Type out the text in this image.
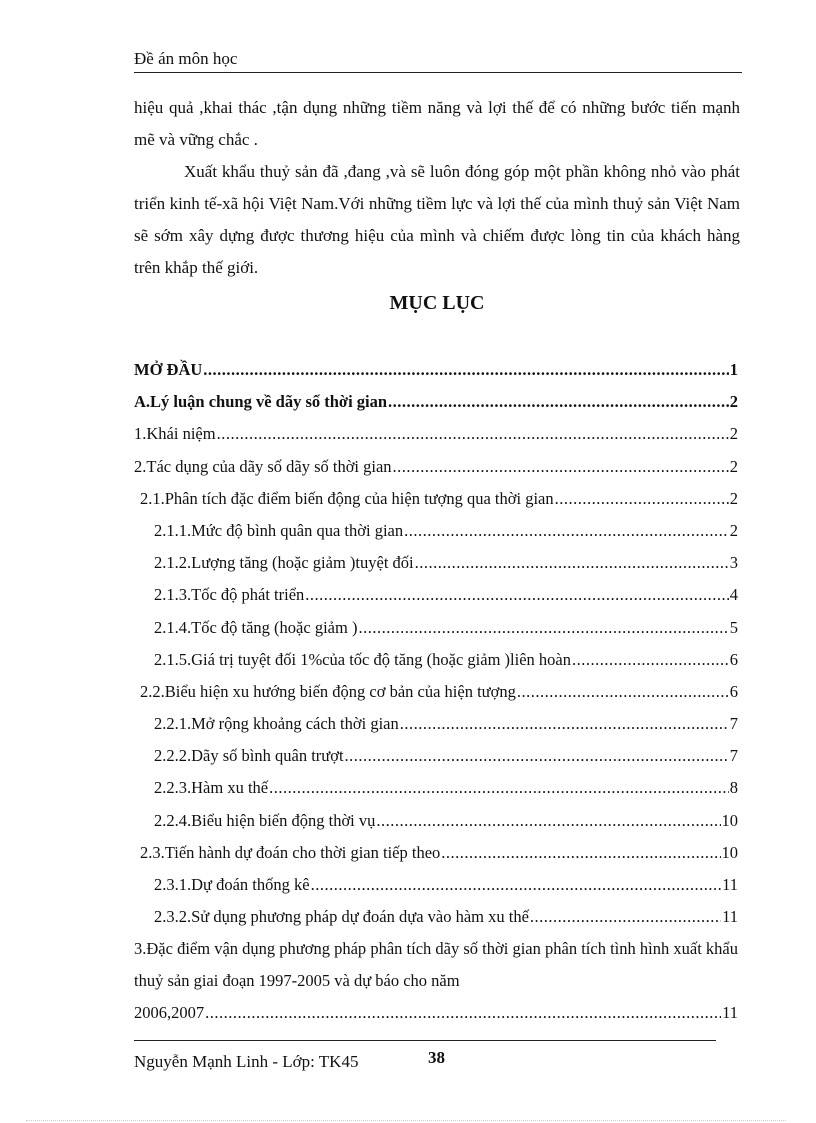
Đề án môn học
hiệu quả ,khai thác ,tận dụng những tiềm năng và lợi thế để có những bước tiến mạnh mẽ và vững chắc .
Xuất khẩu thuỷ sản đã ,đang ,và sẽ luôn đóng góp một phần không nhỏ vào phát triển kinh tế-xã hội Việt Nam.Với những tiềm lực và lợi thế của mình thuỷ sản Việt Nam sẽ sớm xây dựng được thương hiệu của mình và chiếm được lòng tin của khách hàng trên khắp thế giới.
MỤC LỤC
MỞ ĐẦU .....	1
A.Lý luận chung về dãy số thời gian .....	2
1.Khái niệm .....	2
2.Tác dụng của dãy số dãy số thời gian .....	2
2.1.Phân tích đặc điểm biến động của hiện tượng qua thời gian .....	2
2.1.1.Mức độ bình quân qua thời gian .....	2
2.1.2.Lượng tăng (hoặc giảm )tuyệt đối .....	3
2.1.3.Tốc độ phát triển .....	4
2.1.4.Tốc độ tăng (hoặc giảm ) .....	5
2.1.5.Giá trị tuyệt đối 1%của tốc độ tăng (hoặc giảm )liên hoàn .....	6
2.2.Biểu hiện xu hướng biến động cơ bản của hiện tượng .....	6
2.2.1.Mở rộng khoảng cách thời gian .....	7
2.2.2.Dãy số bình quân trượt .....	7
2.2.3.Hàm xu thế .....	8
2.2.4.Biểu hiện biến động thời vụ .....	10
2.3.Tiến hành dự đoán cho thời gian tiếp theo .....	10
2.3.1.Dự đoán thống kê .....	11
2.3.2.Sử dụng phương pháp dự đoán dựa vào hàm xu thế .....	11
3.Đặc điểm vận dụng phương pháp phân tích dãy số thời gian phân tích tình hình xuất khẩu thuỷ sản giai đoạn 1997-2005 và dự báo cho năm
2006,2007 .....	11
Nguyễn Mạnh Linh - Lớp: TK45	38
